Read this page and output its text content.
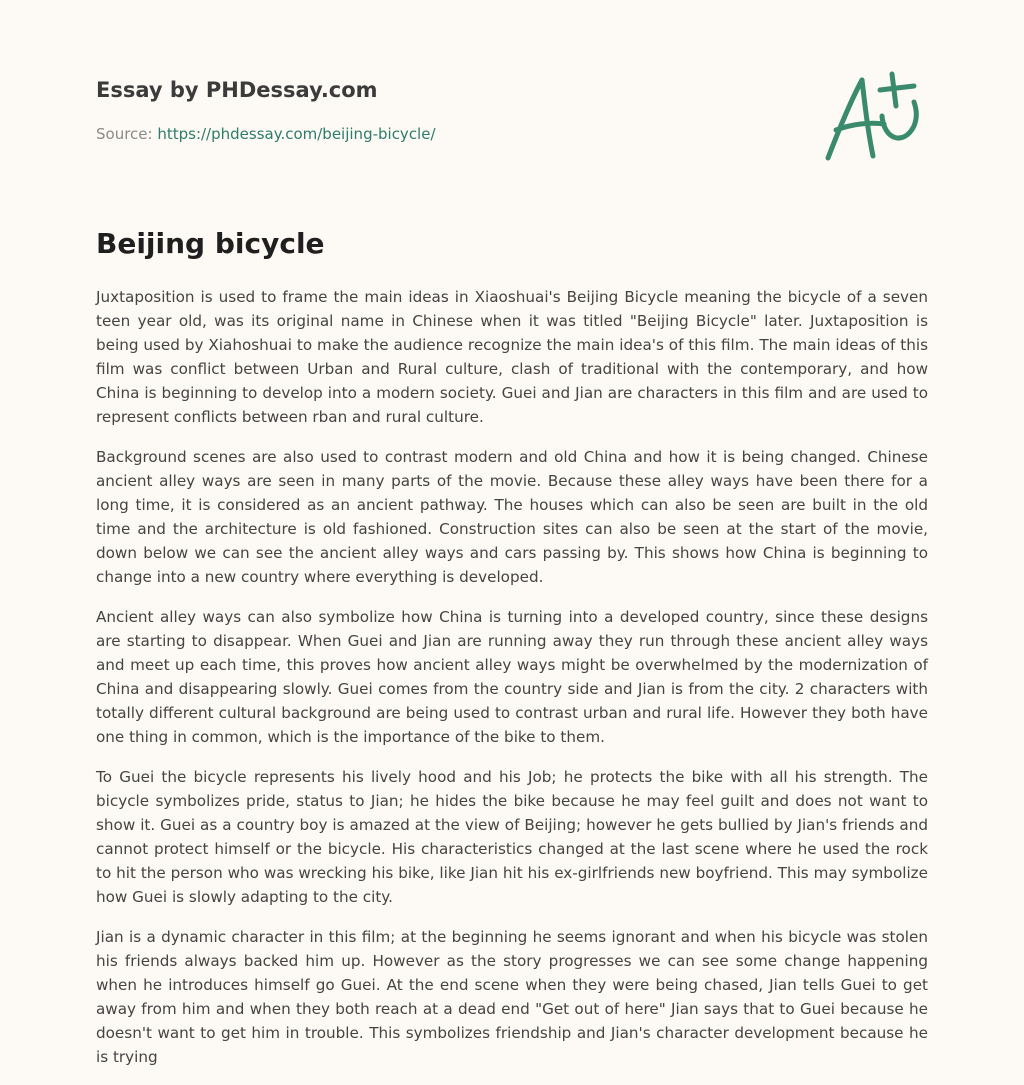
Essay by PHDessay.com
Source: https://phdessay.com/beijing-bicycle/
Beijing bicycle

Juxtaposition is used to frame the main ideas in Xiaoshuai's Beijing Bicycle meaning the bicycle of a seven teen year old, was its original name in Chinese when it was titled "Beijing Bicycle" later. Juxtaposition is being used by Xiahoshuai to make the audience recognize the main idea's of this film. The main ideas of this film was conflict between Urban and Rural culture, clash of traditional with the contemporary, and how China is beginning to develop into a modern society. Guei and Jian are characters in this film and are used to represent conflicts between rban and rural culture.

Background scenes are also used to contrast modern and old China and how it is being changed. Chinese ancient alley ways are seen in many parts of the movie. Because these alley ways have been there for a long time, it is considered as an ancient pathway. The houses which can also be seen are built in the old time and the architecture is old fashioned. Construction sites can also be seen at the start of the movie, down below we can see the ancient alley ways and cars passing by. This shows how China is beginning to change into a new country where everything is developed.

Ancient alley ways can also symbolize how China is turning into a developed country, since these designs are starting to disappear. When Guei and Jian are running away they run through these ancient alley ways and meet up each time, this proves how ancient alley ways might be overwhelmed by the modernization of China and disappearing slowly. Guei comes from the country side and Jian is from the city. 2 characters with totally different cultural background are being used to contrast urban and rural life. However they both have one thing in common, which is the importance of the bike to them.

To Guei the bicycle represents his lively hood and his Job; he protects the bike with all his strength. The bicycle symbolizes pride, status to Jian; he hides the bike because he may feel guilt and does not want to show it. Guei as a country boy is amazed at the view of Beijing; however he gets bullied by Jian's friends and cannot protect himself or the bicycle. His characteristics changed at the last scene where he used the rock to hit the person who was wrecking his bike, like Jian hit his ex-girlfriends new boyfriend. This may symbolize how Guei is slowly adapting to the city.

Jian is a dynamic character in this film; at the beginning he seems ignorant and when his bicycle was stolen his friends always backed him up. However as the story progresses we can see some change happening when he introduces himself go Guei. At the end scene when they were being chased, Jian tells Guei to get away from him and when they both reach at a dead end "Get out of here" Jian says that to Guei because he doesn't want to get him in trouble. This symbolizes friendship and Jian's character development because he is trying
